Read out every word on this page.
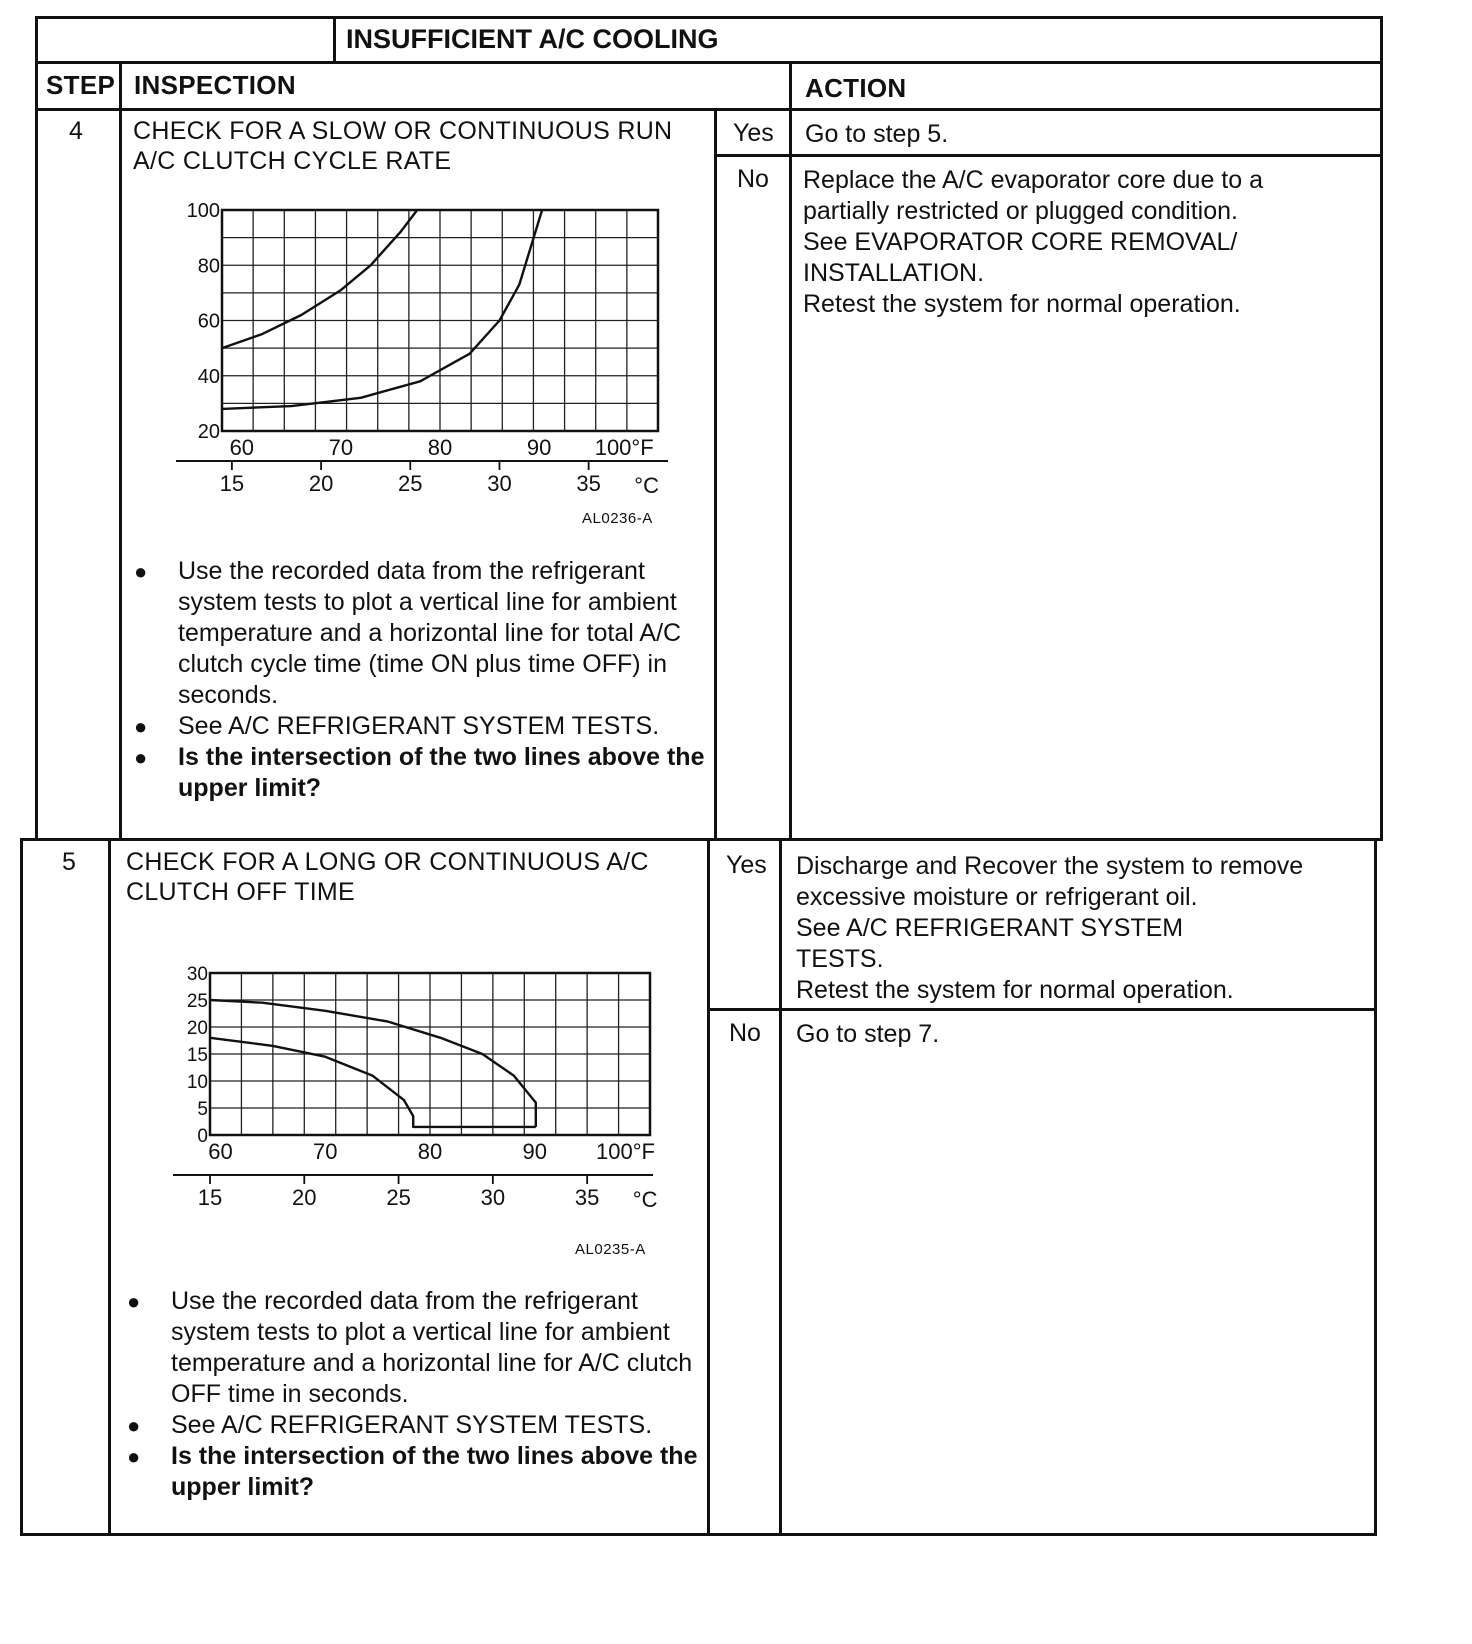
INSUFFICIENT A/C COOLING
STEP INSPECTION	ACTION
4 CHECK FOR A SLOW OR CONTINUOUS RUN
A/C CLUTCH CYCLE RATE
20
40
60
80
100
60	70	80	90 100°F
15	20	25	30	35 °C
AL0236-A
● Use the recorded data from the refrigerant system tests to plot a vertical line for ambient temperature and a horizontal line for total A/C clutch cycle time (time ON plus time OFF) in seconds.
● See A/C REFRIGERANT SYSTEM TESTS.
● Is the intersection of the two lines above the upper limit?
Yes Go to step 5.

No Replace the A/C evaporator core due to a

partially restricted or plugged condition.

See EVAPORATOR CORE REMOVAL/

INSTALLATION.

Retest the system for normal operation.

5 CHECK FOR A LONG OR CONTINUOUS A/C
CLUTCH OFF TIME
0
5
10
15
20
25
30
60	70	80	90 100°F
15	20	25	30	35 °C
AL0235-A
● Use the recorded data from the refrigerant system tests to plot a vertical line for ambient temperature and a horizontal line for A/C clutch OFF time in seconds.
● See A/C REFRIGERANT SYSTEM TESTS.
● Is the intersection of the two lines above the upper limit?
Yes Discharge and Recover the system to remove

excessive moisture or refrigerant oil.

See A/C REFRIGERANT SYSTEM

TESTS.

Retest the system for normal operation.

No Go to step 7.
